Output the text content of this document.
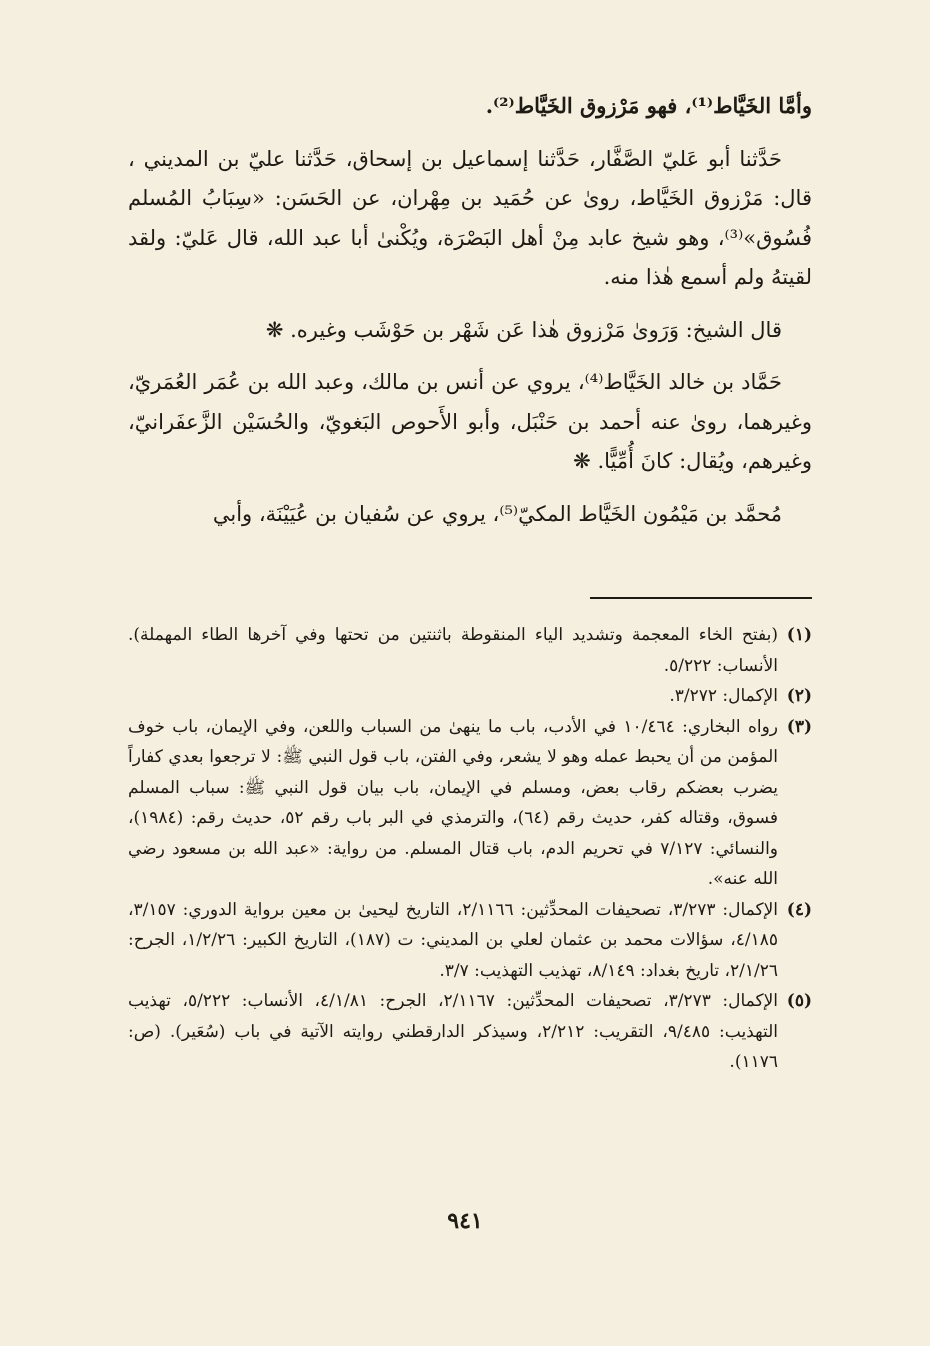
وأمَّا الخَيَّاط⁽¹⁾، فهو مَرْزوق الخَيَّاط⁽²⁾.

حَدَّثنا أبو عَليّ الصَّفَّار، حَدَّثنا إسماعيل بن إسحاق، حَدَّثنا عليّ بن المديني ، قال: مَرْزوق الخَيَّاط، روىٰ عن حُمَيد بن مِهْران، عن الحَسَن: «سِبَابُ المُسلم فُسُوق»⁽³⁾، وهو شيخ عابد مِنْ أهل البَصْرَة، ويُكْنىٰ أبا عبد الله، قال عَليّ: ولقد لقيتهُ ولم أسمع هٰذا منه.

قال الشيخ: وَرَوىٰ مَرْزوق هٰذا عَن شَهْر بن حَوْشَب وغيره. ❋

حَمَّاد بن خالد الخَيَّاط⁽⁴⁾، يروي عن أنس بن مالك، وعبد الله بن عُمَر العُمَريّ، وغيرهما، روىٰ عنه أحمد بن حَنْبَل، وأبو الأَحوص البَغويّ، والحُسَيْن الزَّعفَرانيّ، وغيرهم، ويُقال: كانَ أُمِّيًّا. ❋

مُحمَّد بن مَيْمُون الخَيَّاط المكيّ⁽⁵⁾، يروي عن سُفيان بن عُيَيْنَة، وأبي

(١)
(بفتح الخاء المعجمة وتشديد الياء المنقوطة باثنتين من تحتها وفي آخرها الطاء المهملة). الأنساب: ٥/٢٢٢.
(٢)
الإكمال: ٣/٢٧٢.
(٣)
رواه البخاري: ١٠/٤٦٤ في الأدب، باب ما ينهىٰ من السباب واللعن، وفي الإيمان، باب خوف المؤمن من أن يحبط عمله وهو لا يشعر، وفي الفتن، باب قول النبي ﷺ: لا ترجعوا بعدي كفاراً يضرب بعضكم رقاب بعض، ومسلم في الإيمان، باب بيان قول النبي ﷺ: سباب المسلم فسوق، وقتاله كفر، حديث رقم (٦٤)، والترمذي في البر باب رقم ٥٢، حديث رقم: (١٩٨٤)، والنسائي: ٧/١٢٧ في تحريم الدم، باب قتال المسلم. من رواية: «عبد الله بن مسعود رضي الله عنه».
(٤)
الإكمال: ٣/٢٧٣، تصحيفات المحدِّثين: ٢/١١٦٦، التاريخ ليحيىٰ بن معين برواية الدوري: ٣/١٥٧، ٤/١٨٥، سؤالات محمد بن عثمان لعلي بن المديني: ت (١٨٧)، التاريخ الكبير: ١/٢/٢٦، الجرح: ٢/١/٢٦، تاريخ بغداد: ٨/١٤٩، تهذيب التهذيب: ٣/٧.
(٥)
الإكمال: ٣/٢٧٣، تصحيفات المحدِّثين: ٢/١١٦٧، الجرح: ٤/١/٨١، الأنساب: ٥/٢٢٢، تهذيب التهذيب: ٩/٤٨٥، التقريب: ٢/٢١٢، وسيذكر الدارقطني روايته الآتية في باب (سُعَير). (ص: ١١٧٦).
٩٤١
